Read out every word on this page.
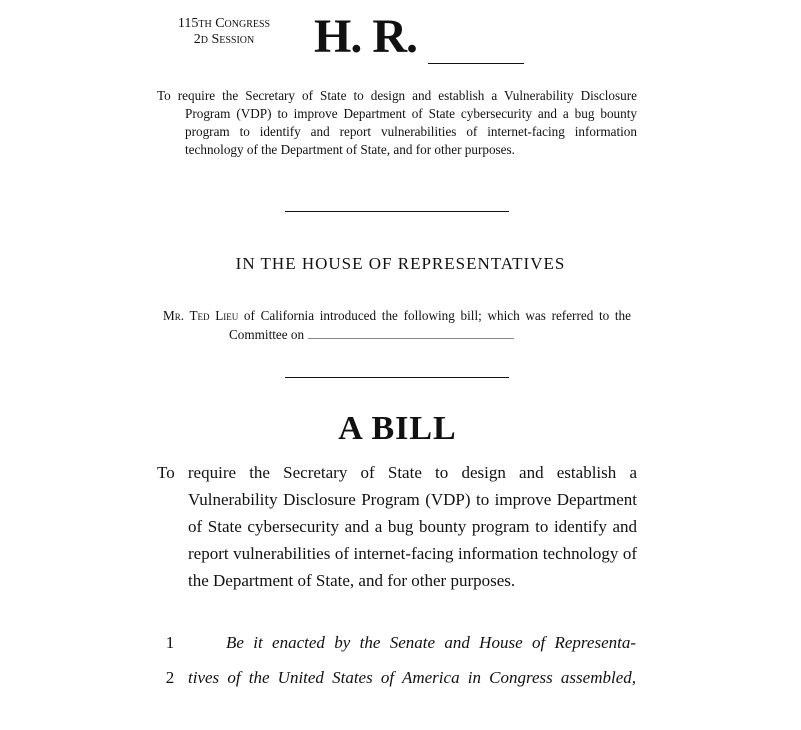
115th Congress
2d Session	H. R.
To require the Secretary of State to design and establish a Vulnerability Disclosure Program (VDP) to improve Department of State cybersecurity and a bug bounty program to identify and report vulnerabilities of internet-facing information technology of the Department of State, and for other purposes.
IN THE HOUSE OF REPRESENTATIVES
Mr. Ted Lieu of California introduced the following bill; which was referred to the Committee on
A BILL
To require the Secretary of State to design and establish a Vulnerability Disclosure Program (VDP) to improve Department of State cybersecurity and a bug bounty program to identify and report vulnerabilities of internet-facing information technology of the Department of State, and for other purposes.
1	Be it enacted by the Senate and House of Representa-
2 tives of the United States of America in Congress assembled,
